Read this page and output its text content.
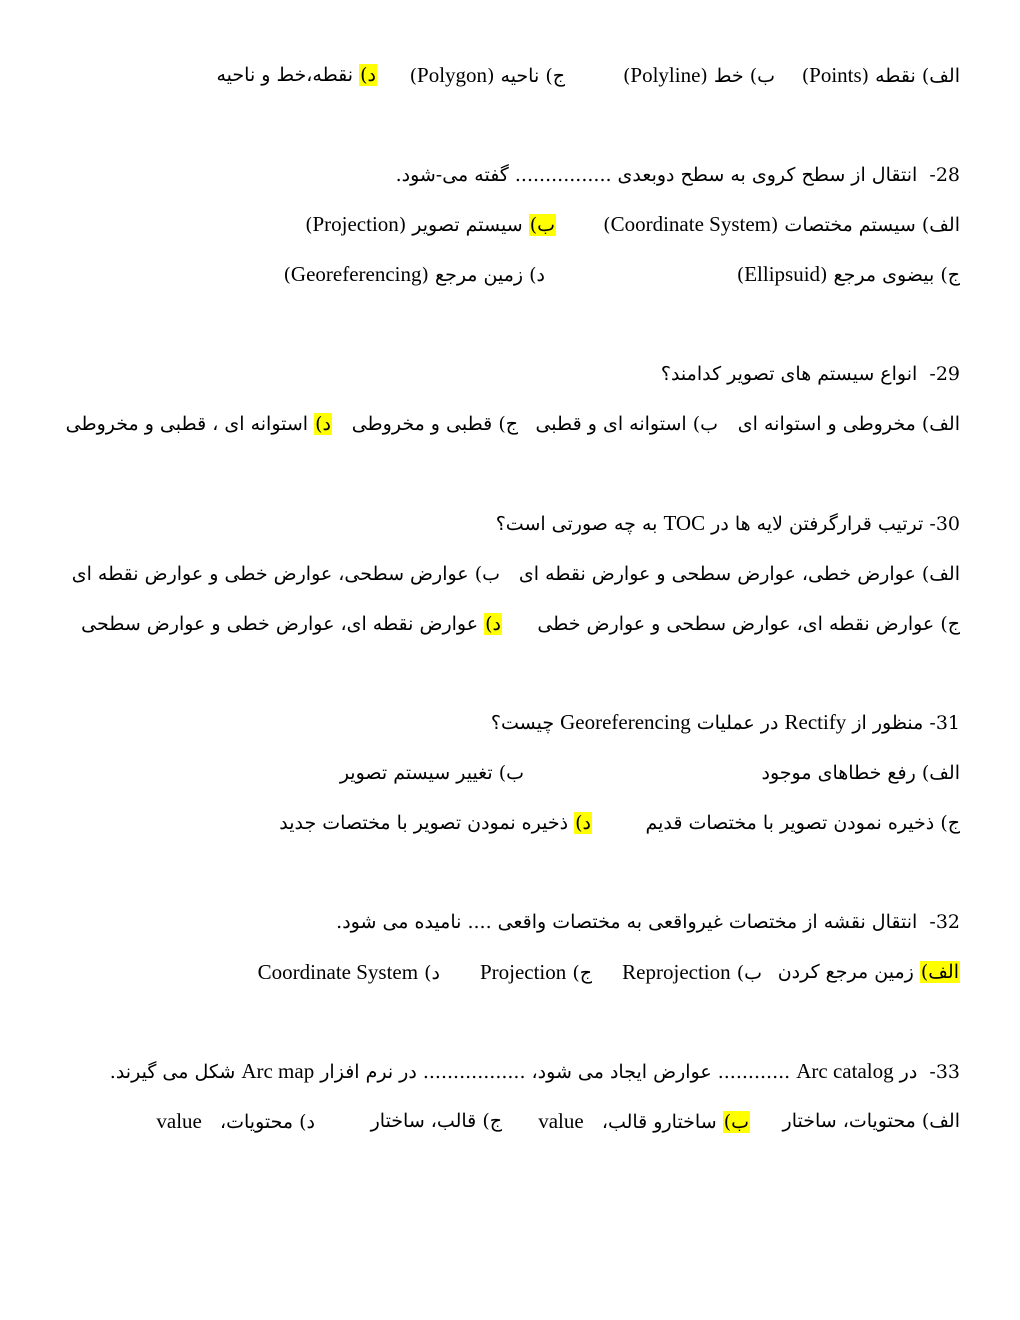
الف) نقطه (Points)
ب) خط (Polyline)
ج) ناحیه (Polygon)
د) نقطه،خط و ناحیه
28-  انتقال از سطح کروی به سطح دوبعدی ................ گفته می-شود.
الف) سیستم مختصات (Coordinate System)
ب) سیستم تصویر (Projection)
ج) بیضوی مرجع (Ellipsuid)
د) زمین مرجع (Georeferencing)
29-  انواع سیستم های تصویر کدامند؟
الف) مخروطی و استوانه ای
ب) استوانه ای و قطبی
ج) قطبی و مخروطی
د) استوانه ای ، قطبی و مخروطی
30- ترتیب قرارگرفتن لایه ها در TOC به چه صورتی است؟
الف) عوارض خطی، عوارض سطحی و عوارض نقطه ای
ب) عوارض سطحی، عوارض خطی و عوارض نقطه ای
ج) عوارض نقطه ای، عوارض سطحی و عوارض خطی
د) عوارض نقطه ای، عوارض خطی و عوارض سطحی
31- منظور از Rectify در عملیات Georeferencing چیست؟
الف) رفع خطاهای موجود
ب) تغییر سیستم تصویر
ج) ذخیره نمودن تصویر با مختصات قدیم
د) ذخیره نمودن تصویر با مختصات جدید
32-  انتقال نقشه از مختصات غیرواقعی به مختصات واقعی .... نامیده می شود.
الف) زمین مرجع کردن
ب) Reprojection
ج) Projection
د) Coordinate System
33-  در Arc catalog ............ عوارض ایجاد می شود، ................. در نرم افزار Arc map شکل می گیرند.
الف) محتویات، ساختار
ب) ساختارو قالب،   value
ج) قالب، ساختار
د) محتویات،   value
